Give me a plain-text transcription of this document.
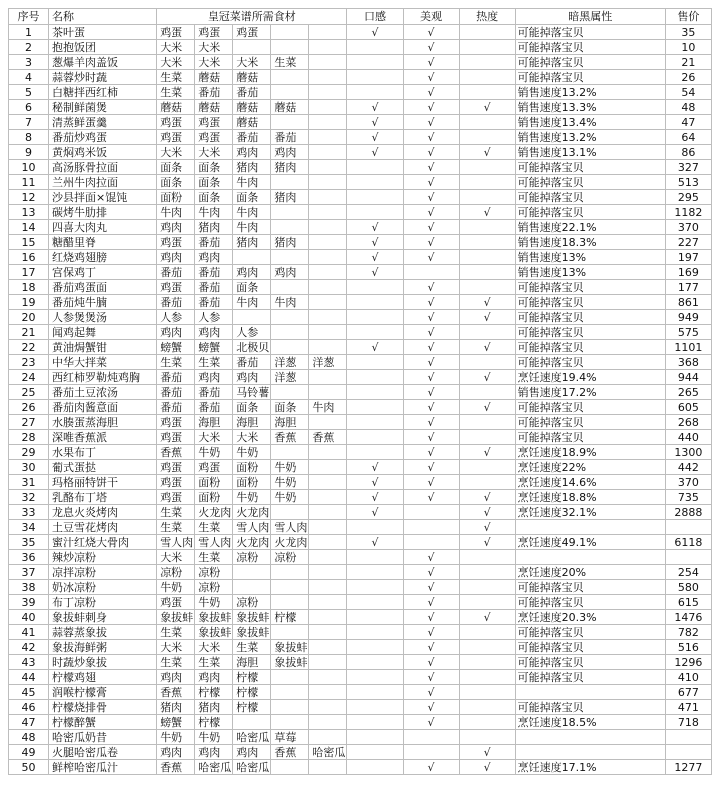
序号	名称	皇冠菜谱所需食材					口感	美观	热度	暗黑属性	售价
1	茶叶蛋	鸡蛋	鸡蛋	鸡蛋			√	√		可能掉落宝贝	35
2	抱抱饭团	大米	大米					√		可能掉落宝贝	10
3	葱爆羊肉盖饭	大米	大米	大米	生菜			√		可能掉落宝贝	21
4	蒜蓉炒时蔬	生菜	蘑菇	蘑菇				√		可能掉落宝贝	26
5	白糖拌西红柿	生菜	番茄	番茄				√		销售速度13.2%	54
6	秘制鲜菌煲	蘑菇	蘑菇	蘑菇	蘑菇		√	√	√	销售速度13.3%	48
7	清蒸鲜蛋羹	鸡蛋	鸡蛋	蘑菇			√	√		销售速度13.4%	47
8	番茄炒鸡蛋	鸡蛋	鸡蛋	番茄	番茄		√	√		销售速度13.2%	64
9	黄焖鸡米饭	大米	大米	鸡肉	鸡肉		√	√	√	销售速度13.1%	86
10	高汤豚骨拉面	面条	面条	猪肉	猪肉			√		可能掉落宝贝	327
11	兰州牛肉拉面	面条	面条	牛肉				√		可能掉落宝贝	513
12	沙县拌面×馄饨	面粉	面条	面条	猪肉			√		可能掉落宝贝	295
13	碳烤牛肋排	牛肉	牛肉	牛肉				√	√	可能掉落宝贝	1182
14	四喜大肉丸	鸡肉	猪肉	牛肉			√	√		销售速度22.1%	370
15	糖醋里脊	鸡蛋	番茄	猪肉	猪肉		√	√		销售速度18.3%	227
16	红烧鸡翅膀	鸡肉	鸡肉				√	√		销售速度13%	197
17	宫保鸡丁	番茄	番茄	鸡肉	鸡肉		√			销售速度13%	169
18	番茄鸡蛋面	鸡蛋	番茄	面条				√		可能掉落宝贝	177
19	番茄炖牛腩	番茄	番茄	牛肉	牛肉			√	√	可能掉落宝贝	861
20	人参煲煲汤	人参	人参					√	√	可能掉落宝贝	949
21	闻鸡起舞	鸡肉	鸡肉	人参				√		可能掉落宝贝	575
22	黄油焗蟹钳	螃蟹	螃蟹	北极贝			√	√	√	可能掉落宝贝	1101
23	中华大拌菜	生菜	生菜	番茄	洋葱	洋葱		√		可能掉落宝贝	368
24	西红柿罗勒炖鸡胸	番茄	鸡肉	鸡肉	洋葱			√	√	烹饪速度19.4%	944
25	番茄土豆浓汤	番茄	番茄	马铃薯				√		销售速度17.2%	265
26	番茄肉酱意面	番茄	番茄	面条	面条	牛肉		√	√	可能掉落宝贝	605
27	水腠蛋蒸海胆	鸡蛋	海胆	海胆	海胆			√		可能掉落宝贝	268
28	深唯香蕉派	鸡蛋	大米	大米	香蕉	香蕉		√		可能掉落宝贝	440
29	水果布丁	香蕉	牛奶	牛奶				√	√	烹饪速度18.9%	1300
30	葡式蛋挞	鸡蛋	鸡蛋	面粉	牛奶		√	√		烹饪速度22%	442
31	玛格丽特饼干	鸡蛋	面粉	面粉	牛奶		√	√		烹饪速度14.6%	370
32	乳酪布丁塔	鸡蛋	面粉	牛奶	牛奶		√	√	√	烹饪速度18.8%	735
33	龙息火炎烤肉	生菜	火龙肉	火龙肉			√		√	烹饪速度32.1%	2888
34	土豆雪花烤肉	生菜	生菜	雪人肉	雪人肉				√		
35	蜜汁红烧大骨肉	雪人肉	雪人肉	火龙肉	火龙肉		√		√	烹饪速度49.1%	6118
36	辣炒凉粉	大米	生菜	凉粉	凉粉			√			
37	凉拌凉粉	凉粉	凉粉					√		烹饪速度20%	254
38	奶冰凉粉	牛奶	凉粉					√		可能掉落宝贝	580
39	布丁凉粉	鸡蛋	牛奶	凉粉				√		可能掉落宝贝	615
40	象拔蚌刺身	象拔蚌	象拔蚌	象拔蚌	柠檬			√	√	烹饪速度20.3%	1476
41	蒜蓉蒸象拔	生菜	象拔蚌	象拔蚌				√		可能掉落宝贝	782
42	象拔海鲜粥	大米	大米	生菜	象拔蚌			√		可能掉落宝贝	516
43	时蔬炒象拔	生菜	生菜	海胆	象拔蚌			√		可能掉落宝贝	1296
44	柠檬鸡翅	鸡肉	鸡肉	柠檬				√		可能掉落宝贝	410
45	润喉柠檬膏	香蕉	柠檬	柠檬				√			677
46	柠檬烧排骨	猪肉	猪肉	柠檬				√		可能掉落宝贝	471
47	柠檬醉蟹	螃蟹	柠檬					√		烹饪速度18.5%	718
48	哈密瓜奶昔	牛奶	牛奶	哈密瓜	草莓						
49	火腿哈密瓜卷	鸡肉	鸡肉	鸡肉	香蕉	哈密瓜			√		
50	鲜榨哈密瓜汁	香蕉	哈密瓜	哈密瓜				√	√	烹饪速度17.1%	1277
